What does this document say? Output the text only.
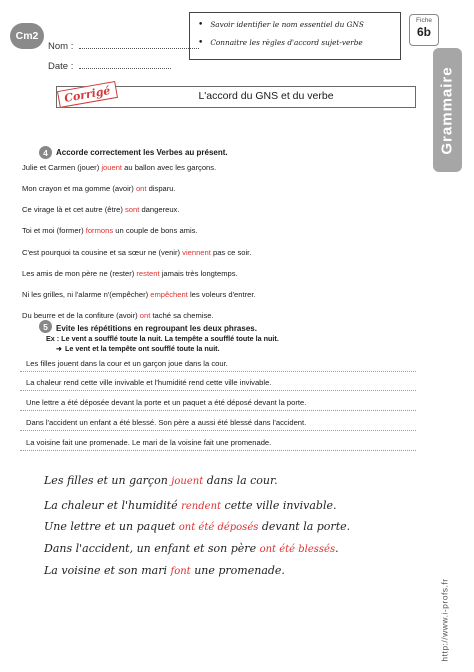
Cm2
Nom :
Date :
• Savoir identifier le nom essentiel du GNS
• Connaitre les règles d'accord sujet-verbe
Fiche
6b
Grammaire
L'accord du GNS et du verbe
Corrigé
4	Accorde correctement les Verbes au présent.
Julie et Carmen (jouer) jouent au ballon avec les garçons.
Mon crayon et ma gomme (avoir) ont disparu.
Ce virage là et cet autre (être) sont dangereux.
Toi et moi (former) formons un couple de bons amis.
C'est pourquoi ta cousine et sa sœur ne (venir) viennent pas ce soir.
Les amis de mon père ne (rester) restent jamais très longtemps.
Ni les grilles, ni l'alarme n'(empêcher) empêchent les voleurs d'entrer.
Du beurre et de la confiture (avoir) ont taché sa chemise.
5	Evite les répétitions en regroupant les deux phrases.
Ex : Le vent a soufflé toute la nuit. La tempête a soufflé toute la nuit.
➜ Le vent et la tempête ont soufflé toute la nuit.
Les filles jouent dans la cour et un garçon joue dans la cour.
La chaleur rend cette ville invivable et l'humidité rend cette ville invivable.
Une lettre a été déposée devant la porte et un paquet a été déposé devant la porte.
Dans l'accident un enfant a été blessé. Son père a aussi été blessé dans l'accident.
La voisine fait une promenade. Le mari de la voisine fait une promenade.
Les filles et un garçon jouent dans la cour.
La chaleur et l'humidité rendent cette ville invivable.
Une lettre et un paquet ont été déposés devant la porte.
Dans l'accident, un enfant et son père ont été blessés.
La voisine et son mari font une promenade.
http://www.i-profs.fr
